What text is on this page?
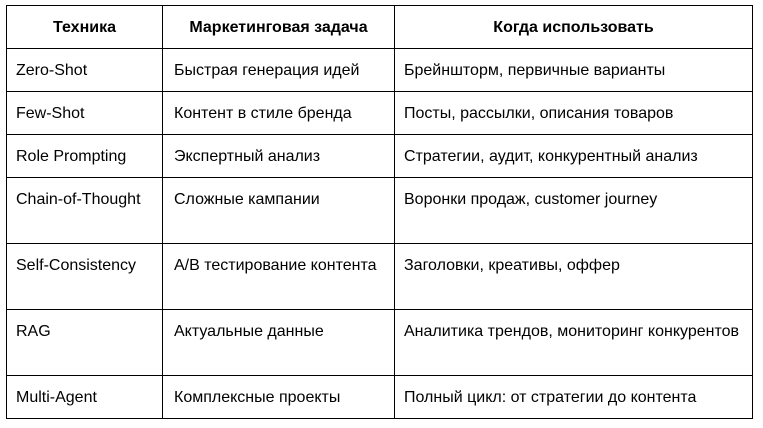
Техника	Маркетинговая задача	Когда использовать
Zero-Shot	Быстрая генерация идей	Брейншторм, первичные варианты
Few-Shot	Контент в стиле бренда	Посты, рассылки, описания товаров
Role Prompting	Экспертный анализ	Стратегии, аудит, конкурентный анализ
Chain-of-Thought	Сложные кампании	Воронки продаж, customer journey
Self-Consistency	A/B тестирование контента	Заголовки, креативы, оффер
RAG	Актуальные данные	Аналитика трендов, мониторинг конкурентов
Multi-Agent	Комплексные проекты	Полный цикл: от стратегии до контента
